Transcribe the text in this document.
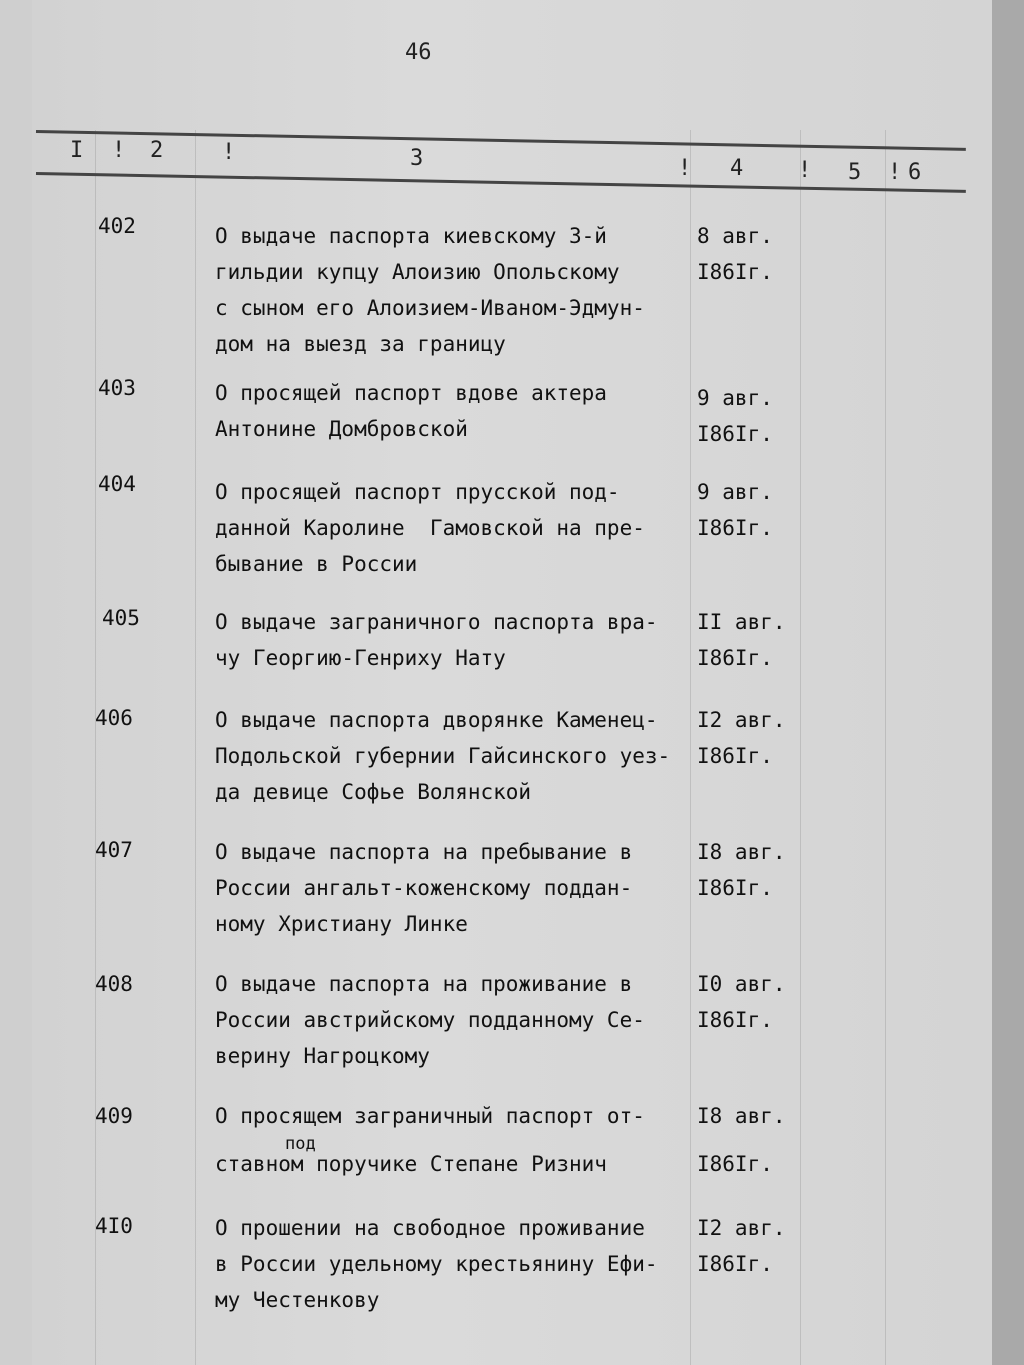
46
I ! 2	!	3	! 4 ! 5 ! 6
402	О выдаче паспорта киевскому 3-й
гильдии купцу Алоизию Опольскому
с сыном его Алоизием-Иваном-Эдмун-
дом на выезд за границу
8 авг.
I86Iг.
403	О просящей паспорт вдове актера
Антонине Домбровской
9 авг.
I86Iг.
404	О просящей паспорт прусской под-
данной Каролине  Гамовской на пре-
бывание в России
9 авг.
I86Iг.
405	О выдаче заграничного паспорта вра-
чу Георгию-Генриху Нату
II авг.
I86Iг.
406	О выдаче паспорта дворянке Каменец-
Подольской губернии Гайсинского уез-
да девице Софье Волянской
I2 авг.
I86Iг.
407	О выдаче паспорта на пребывание в
России ангальт-коженскому поддан-
ному Христиану Линке
I8 авг.
I86Iг.
408	О выдаче паспорта на проживание в
России австрийскому подданному Се-
верину Нагроцкому
I0 авг.
I86Iг.
409	О просящем заграничный паспорт от-
ставном поручике Степане Ризнич
под
I8 авг.
I86Iг.
4I0	О прошении на свободное проживание
в России удельному крестьянину Ефи-
му Честенкову
I2 авг.
I86Iг.
